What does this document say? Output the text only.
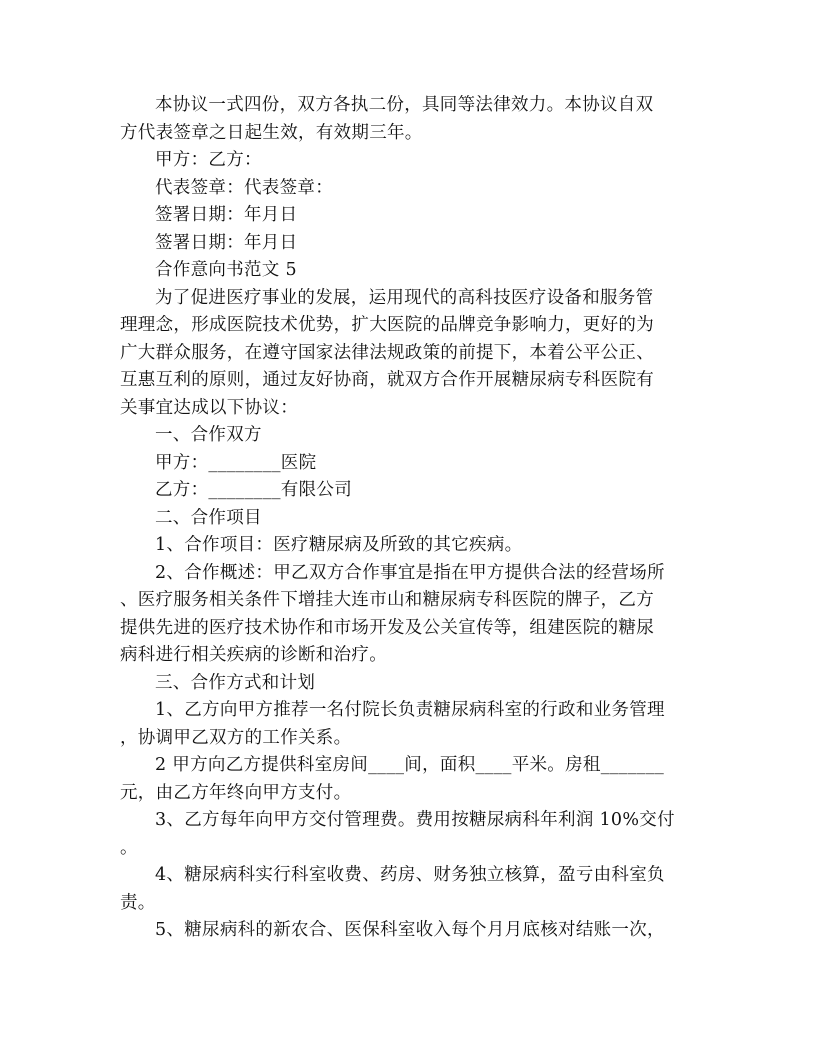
本协议一式四份，双方各执二份，具同等法律效力。本协议自双
方代表签章之日起生效，有效期三年。
甲方：乙方：
代表签章：代表签章：
签署日期：年月日
签署日期：年月日
合作意向书范文 5
为了促进医疗事业的发展，运用现代的高科技医疗设备和服务管
理理念，形成医院技术优势，扩大医院的品牌竞争影响力，更好的为
广大群众服务，在遵守国家法律法规政策的前提下，本着公平公正、
互惠互利的原则，通过友好协商，就双方合作开展糖尿病专科医院有
关事宜达成以下协议：
一、合作双方
甲方：________医院
乙方：________有限公司
二、合作项目
1、合作项目：医疗糖尿病及所致的其它疾病。
2、合作概述：甲乙双方合作事宜是指在甲方提供合法的经营场所
、医疗服务相关条件下增挂大连市山和糖尿病专科医院的牌子，乙方
提供先进的医疗技术协作和市场开发及公关宣传等，组建医院的糖尿
病科进行相关疾病的诊断和治疗。
三、合作方式和计划
1、乙方向甲方推荐一名付院长负责糖尿病科室的行政和业务管理
，协调甲乙双方的工作关系。
2 甲方向乙方提供科室房间____间，面积____平米。房租_______
元，由乙方年终向甲方支付。
3、乙方每年向甲方交付管理费。费用按糖尿病科年利润 10%交付
。
4、糖尿病科实行科室收费、药房、财务独立核算，盈亏由科室负
责。
5、糖尿病科的新农合、医保科室收入每个月月底核对结账一次，
